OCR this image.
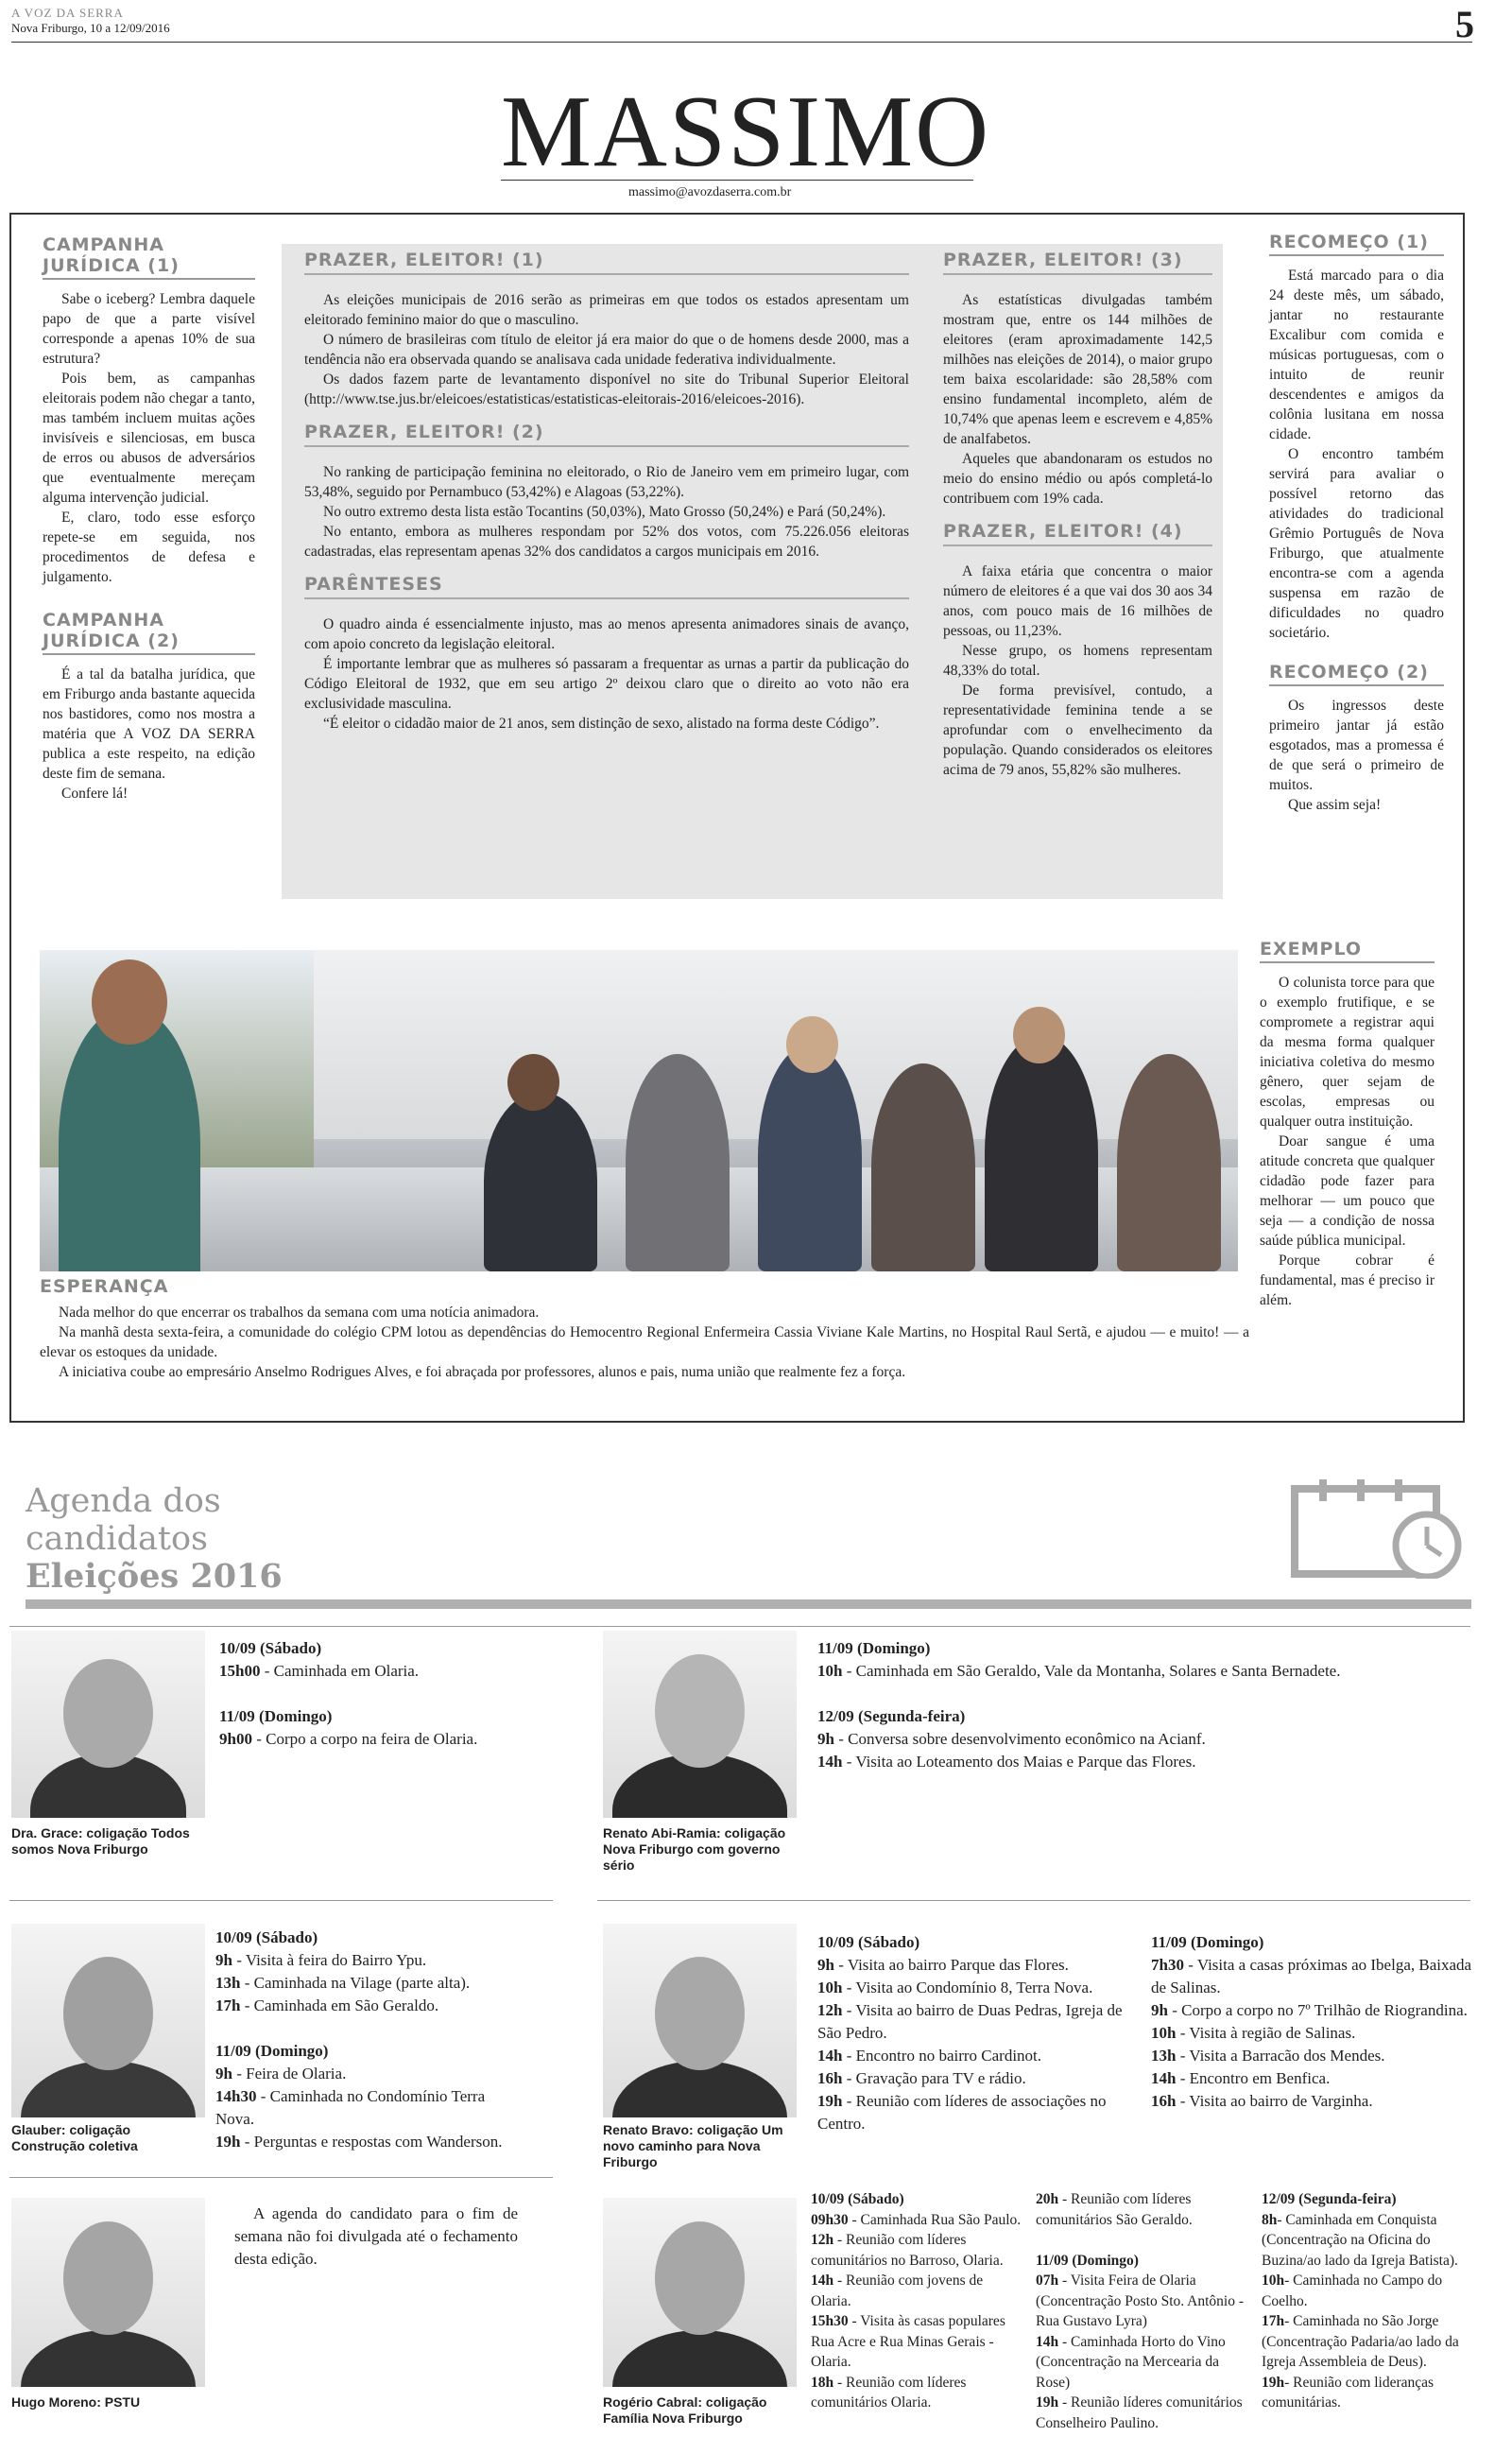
A VOZ DA SERRA
Nova Friburgo, 10 a 12/09/2016	5
MASSIMO
massimo@avozdaserra.com.br
CAMPANHA JURÍDICA (1)

Sabe o iceberg? Lembra daquele papo de que a parte visível corresponde a apenas 10% de sua estrutura?

Pois bem, as campanhas eleitorais podem não chegar a tanto, mas também incluem muitas ações invisíveis e silenciosas, em busca de erros ou abusos de adversários que eventualmente mereçam alguma intervenção judicial.

E, claro, todo esse esforço repete-se em seguida, nos procedimentos de defesa e julgamento.

CAMPANHA JURÍDICA (2)

É a tal da batalha jurídica, que em Friburgo anda bastante aquecida nos bastidores, como nos mostra a matéria que A VOZ DA SERRA publica a este respeito, na edição deste fim de semana.

Confere lá!

PRAZER, ELEITOR! (1)

As eleições municipais de 2016 serão as primeiras em que todos os estados apresentam um eleitorado feminino maior do que o masculino.

O número de brasileiras com título de eleitor já era maior do que o de homens desde 2000, mas a tendência não era observada quando se analisava cada unidade federativa individualmente.

Os dados fazem parte de levantamento disponível no site do Tribunal Superior Eleitoral (http://www.tse.jus.br/eleicoes/estatisticas/estatisticas-eleitorais-2016/eleicoes-2016).

PRAZER, ELEITOR! (2)

No ranking de participação feminina no eleitorado, o Rio de Janeiro vem em primeiro lugar, com 53,48%, seguido por Pernambuco (53,42%) e Alagoas (53,22%).

No outro extremo desta lista estão Tocantins (50,03%), Mato Grosso (50,24%) e Pará (50,24%).

No entanto, embora as mulheres respondam por 52% dos votos, com 75.226.056 eleitoras cadastradas, elas representam apenas 32% dos candidatos a cargos municipais em 2016.

PARÊNTESES

O quadro ainda é essencialmente injusto, mas ao menos apresenta animadores sinais de avanço, com apoio concreto da legislação eleitoral.

É importante lembrar que as mulheres só passaram a frequentar as urnas a partir da publicação do Código Eleitoral de 1932, que em seu artigo 2º deixou claro que o direito ao voto não era exclusividade masculina.

“É eleitor o cidadão maior de 21 anos, sem distinção de sexo, alistado na forma deste Código”.

PRAZER, ELEITOR! (3)

As estatísticas divulgadas também mostram que, entre os 144 milhões de eleitores (eram aproximadamente 142,5 milhões nas eleições de 2014), o maior grupo tem baixa escolaridade: são 28,58% com ensino fundamental incompleto, além de 10,74% que apenas leem e escrevem e 4,85% de analfabetos.

Aqueles que abandonaram os estudos no meio do ensino médio ou após completá-lo contribuem com 19% cada.

PRAZER, ELEITOR! (4)

A faixa etária que concentra o maior número de eleitores é a que vai dos 30 aos 34 anos, com pouco mais de 16 milhões de pessoas, ou 11,23%.

Nesse grupo, os homens representam 48,33% do total.

De forma previsível, contudo, a representatividade feminina tende a se aprofundar com o envelhecimento da população. Quando considerados os eleitores acima de 79 anos, 55,82% são mulheres.

RECOMEÇO (1)

Está marcado para o dia 24 deste mês, um sábado, jantar no restaurante Excalibur com comida e músicas portuguesas, com o intuito de reunir descendentes e amigos da colônia lusitana em nossa cidade.

O encontro também servirá para avaliar o possível retorno das atividades do tradicional Grêmio Português de Nova Friburgo, que atualmente encontra-se com a agenda suspensa em razão de dificuldades no quadro societário.

RECOMEÇO (2)

Os ingressos deste primeiro jantar já estão esgotados, mas a promessa é de que será o primeiro de muitos.

Que assim seja!

ESPERANÇA

Nada melhor do que encerrar os trabalhos da semana com uma notícia animadora.

Na manhã desta sexta-feira, a comunidade do colégio CPM lotou as dependências do Hemocentro Regional Enfermeira Cassia Viviane Kale Martins, no Hospital Raul Sertã, e ajudou — e muito! — a elevar os estoques da unidade.

A iniciativa coube ao empresário Anselmo Rodrigues Alves, e foi abraçada por professores, alunos e pais, numa união que realmente fez a força.

EXEMPLO

O colunista torce para que o exemplo frutifique, e se compromete a registrar aqui da mesma forma qualquer iniciativa coletiva do mesmo gênero, quer sejam de escolas, empresas ou qualquer outra instituição.

Doar sangue é uma atitude concreta que qualquer cidadão pode fazer para melhorar — um pouco que seja — a condição de nossa saúde pública municipal.

Porque cobrar é fundamental, mas é preciso ir além.

Agenda dos
candidatos
Eleições 2016
Dra. Grace: coligação Todos somos Nova Friburgo
10/09 (Sábado)
15h00 - Caminhada em Olaria.

11/09 (Domingo)
9h00 - Corpo a corpo na feira de Olaria.
Renato Abi-Ramia: coligação Nova Friburgo com governo sério
11/09 (Domingo)
10h - Caminhada em São Geraldo, Vale da Montanha, Solares e Santa Bernadete.

12/09 (Segunda-feira)
9h - Conversa sobre desenvolvimento econômico na Acianf.
14h - Visita ao Loteamento dos Maias e Parque das Flores.
Glauber: coligação Construção coletiva
10/09 (Sábado)
9h - Visita à feira do Bairro Ypu.
13h - Caminhada na Vilage (parte alta).
17h - Caminhada em São Geraldo.

11/09 (Domingo)
9h - Feira de Olaria.
14h30 - Caminhada no Condomínio Terra Nova.
19h - Perguntas e respostas com Wanderson.
Renato Bravo: coligação Um novo caminho para Nova Friburgo
10/09 (Sábado)
9h - Visita ao bairro Parque das Flores.
10h - Visita ao Condomínio 8, Terra Nova.
12h - Visita ao bairro de Duas Pedras, Igreja de São Pedro.
14h - Encontro no bairro Cardinot.
16h - Gravação para TV e rádio.
19h - Reunião com líderes de associações no Centro.
11/09 (Domingo)
7h30 - Visita a casas próximas ao Ibelga, Baixada de Salinas.
9h - Corpo a corpo no 7º Trilhão de Riograndina.
10h - Visita à região de Salinas.
13h - Visita a Barracão dos Mendes.
14h - Encontro em Benfica.
16h - Visita ao bairro de Varginha.
Hugo Moreno: PSTU
A agenda do candidato para o fim de semana não foi divulgada até o fechamento desta edição.
Rogério Cabral: coligação Família Nova Friburgo
10/09 (Sábado)
09h30 - Caminhada Rua São Paulo.
12h - Reunião com líderes comunitários no Barroso, Olaria.
14h - Reunião com jovens de Olaria.
15h30 - Visita às casas populares Rua Acre e Rua Minas Gerais - Olaria.
18h - Reunião com líderes comunitários Olaria.
20h - Reunião com líderes comunitários São Geraldo.

11/09 (Domingo)
07h - Visita Feira de Olaria (Concentração Posto Sto. Antônio - Rua Gustavo Lyra)
14h - Caminhada Horto do Vino (Concentração na Mercearia da Rose)
19h - Reunião líderes comunitários Conselheiro Paulino.
12/09 (Segunda-feira)
8h- Caminhada em Conquista (Concentração na Oficina do Buzina/ao lado da Igreja Batista).
10h- Caminhada no Campo do Coelho.
17h- Caminhada no São Jorge (Concentração Padaria/ao lado da Igreja Assembleia de Deus).
19h- Reunião com lideranças comunitárias.
